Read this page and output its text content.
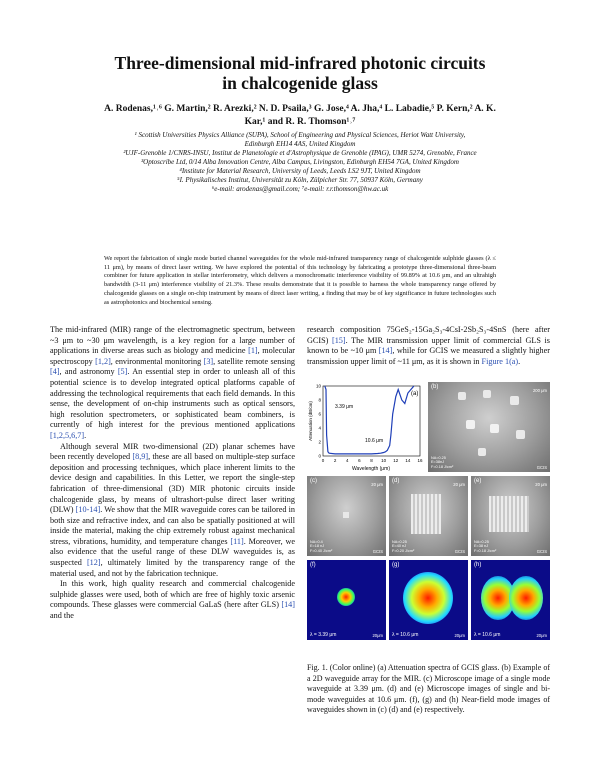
Three-dimensional mid-infrared photonic circuits
in chalcogenide glass
A. Rodenas,¹˒⁶ G. Martin,² R. Arezki,² N. D. Psaila,³ G. Jose,⁴ A. Jha,⁴ L. Labadie,⁵ P. Kern,² A. K.
Kar,¹ and R. R. Thomson¹˒⁷
¹ Scottish Universities Physics Alliance (SUPA), School of Engineering and Physical Sciences, Heriot Watt University,
Edinburgh EH14 4AS, United Kingdom
²UJF-Grenoble 1/CNRS-INSU, Institut de Planetologie et d'Astrophysique de Grenoble (IPAG), UMR 5274, Grenoble, France
³Optoscribe Ltd, 0/14 Alba Innovation Centre, Alba Campus, Livingston, Edinburgh EH54 7GA, United Kingdom
⁴Institute for Material Research, University of Leeds, Leeds LS2 9JT, United Kingdom
⁵I. Physikalisches Institut, Universität zu Köln, Zülpicher Str. 77, 50937 Köln, Germany
⁶e-mail: arodenas@gmail.com; ⁷e-mail: r.r.thomson@hw.ac.uk
We report the fabrication of single mode buried channel waveguides for the whole mid-infrared transparency range of chalcogenide sulphide glasses (λ ≤ 11 μm), by means of direct laser writing. We have explored the potential of this technology by fabricating a prototype three-dimensional three-beam combiner for future application in stellar interferometry, which delivers a monochromatic interference visibility of 99.89% at 10.6 μm, and an ultrahigh bandwidth (3-11 μm) interference visibility of 21.3%. These results demonstrate that it is possible to harness the whole transparency range offered by chalcogenide glasses on a single on-chip instrument by means of direct laser writing, a finding that may be of key significance in future technologies such as astrophotonics and biochemical sensing.

The mid-infrared (MIR) range of the electromagnetic spectrum, between ~3 μm to ~30 μm wavelength, is a key region for a large number of applications in diverse areas such as biology and medicine [1], molecular spectroscopy [1,2], environmental monitoring [3], satellite remote sensing [4], and astronomy [5]. An essential step in order to unleash all of this potential science is to develop integrated optical platforms capable of addressing the technological requirements that each field demands. In this sense, the development of on-chip instruments such as optical sensors, high resolution spectrometers, or sophisticated beam combiners, is currently of high interest for the previous mentioned applications [1,2,5,6,7].

Although several MIR two-dimensional (2D) planar schemes have been recently developed [8,9], these are all based on multiple-step surface deposition and processing techniques, which place inherent limits to the device design and capabilities. In this Letter, we report the single-step fabrication of three-dimensional (3D) MIR photonic circuits inside chalcogenide glass, by means of ultrashort-pulse direct laser writing (DLW) [10-14]. We show that the MIR waveguide cores can be tailored in both size and refractive index, and can also be spatially positioned at will inside the material, making the chip extremely robust against mechanical stress, vibrations, humidity, and temperature changes [11]. Moreover, we also evidence that the useful range of these DLW waveguides is, as suspected [12], ultimately limited by the transparency range of the material used, and not by the fabrication technique.

In this work, high quality research and commercial chalcogenide sulphide glasses were used, both of which are free of highly toxic arsenic compounds. These glasses were commercial GaLaS (here after GLS) [14] and the

research composition 75GeS₂-15Ga₂S₃-4CsI-2Sb₂S₃-4SnS (here after GCIS) [15]. The MIR transmission upper limit of commercial GLS is known to be ~10 μm [14], while for GCIS we measured a slightly higher transmission upper limit of ~11 μm, as it is shown in Figure 1(a).

(a)
3.39 μm
10.6 μm
Wavelength (μm)
Attenuation (dB/cm)
0 2 4 6 8 10 12 14 16
0
2
4
6
8
10	(b)
200 μm
NA=0.25
E=38nJ
F=0.18 J/cm²	GCIS
(c)
20 μm
NA=0.4
E=18 nJ
F=0.40 J/cm²	GCIS
(d)
20 μm
NA=0.25
E=40 nJ
F=0.20 J/cm²	GCIS
(e)
20 μm
NA=0.25
E=38 nJ
F=0.18 J/cm²	GCIS
(f)
λ = 3.39 μm	20μm
(g)
λ = 10.6 μm	20μm
(h)
λ = 10.6 μm	20μm
Fig. 1. (Color online) (a) Attenuation spectra of GCIS glass. (b) Example of a 2D waveguide array for the MIR. (c) Microscope image of a single mode waveguide at 3.39 μm. (d) and (e) Microscope images of single and bi-mode waveguides at 10.6 μm. (f), (g) and (h) Near-field mode images of waveguides shown in (c) (d) and (e) respectively.
